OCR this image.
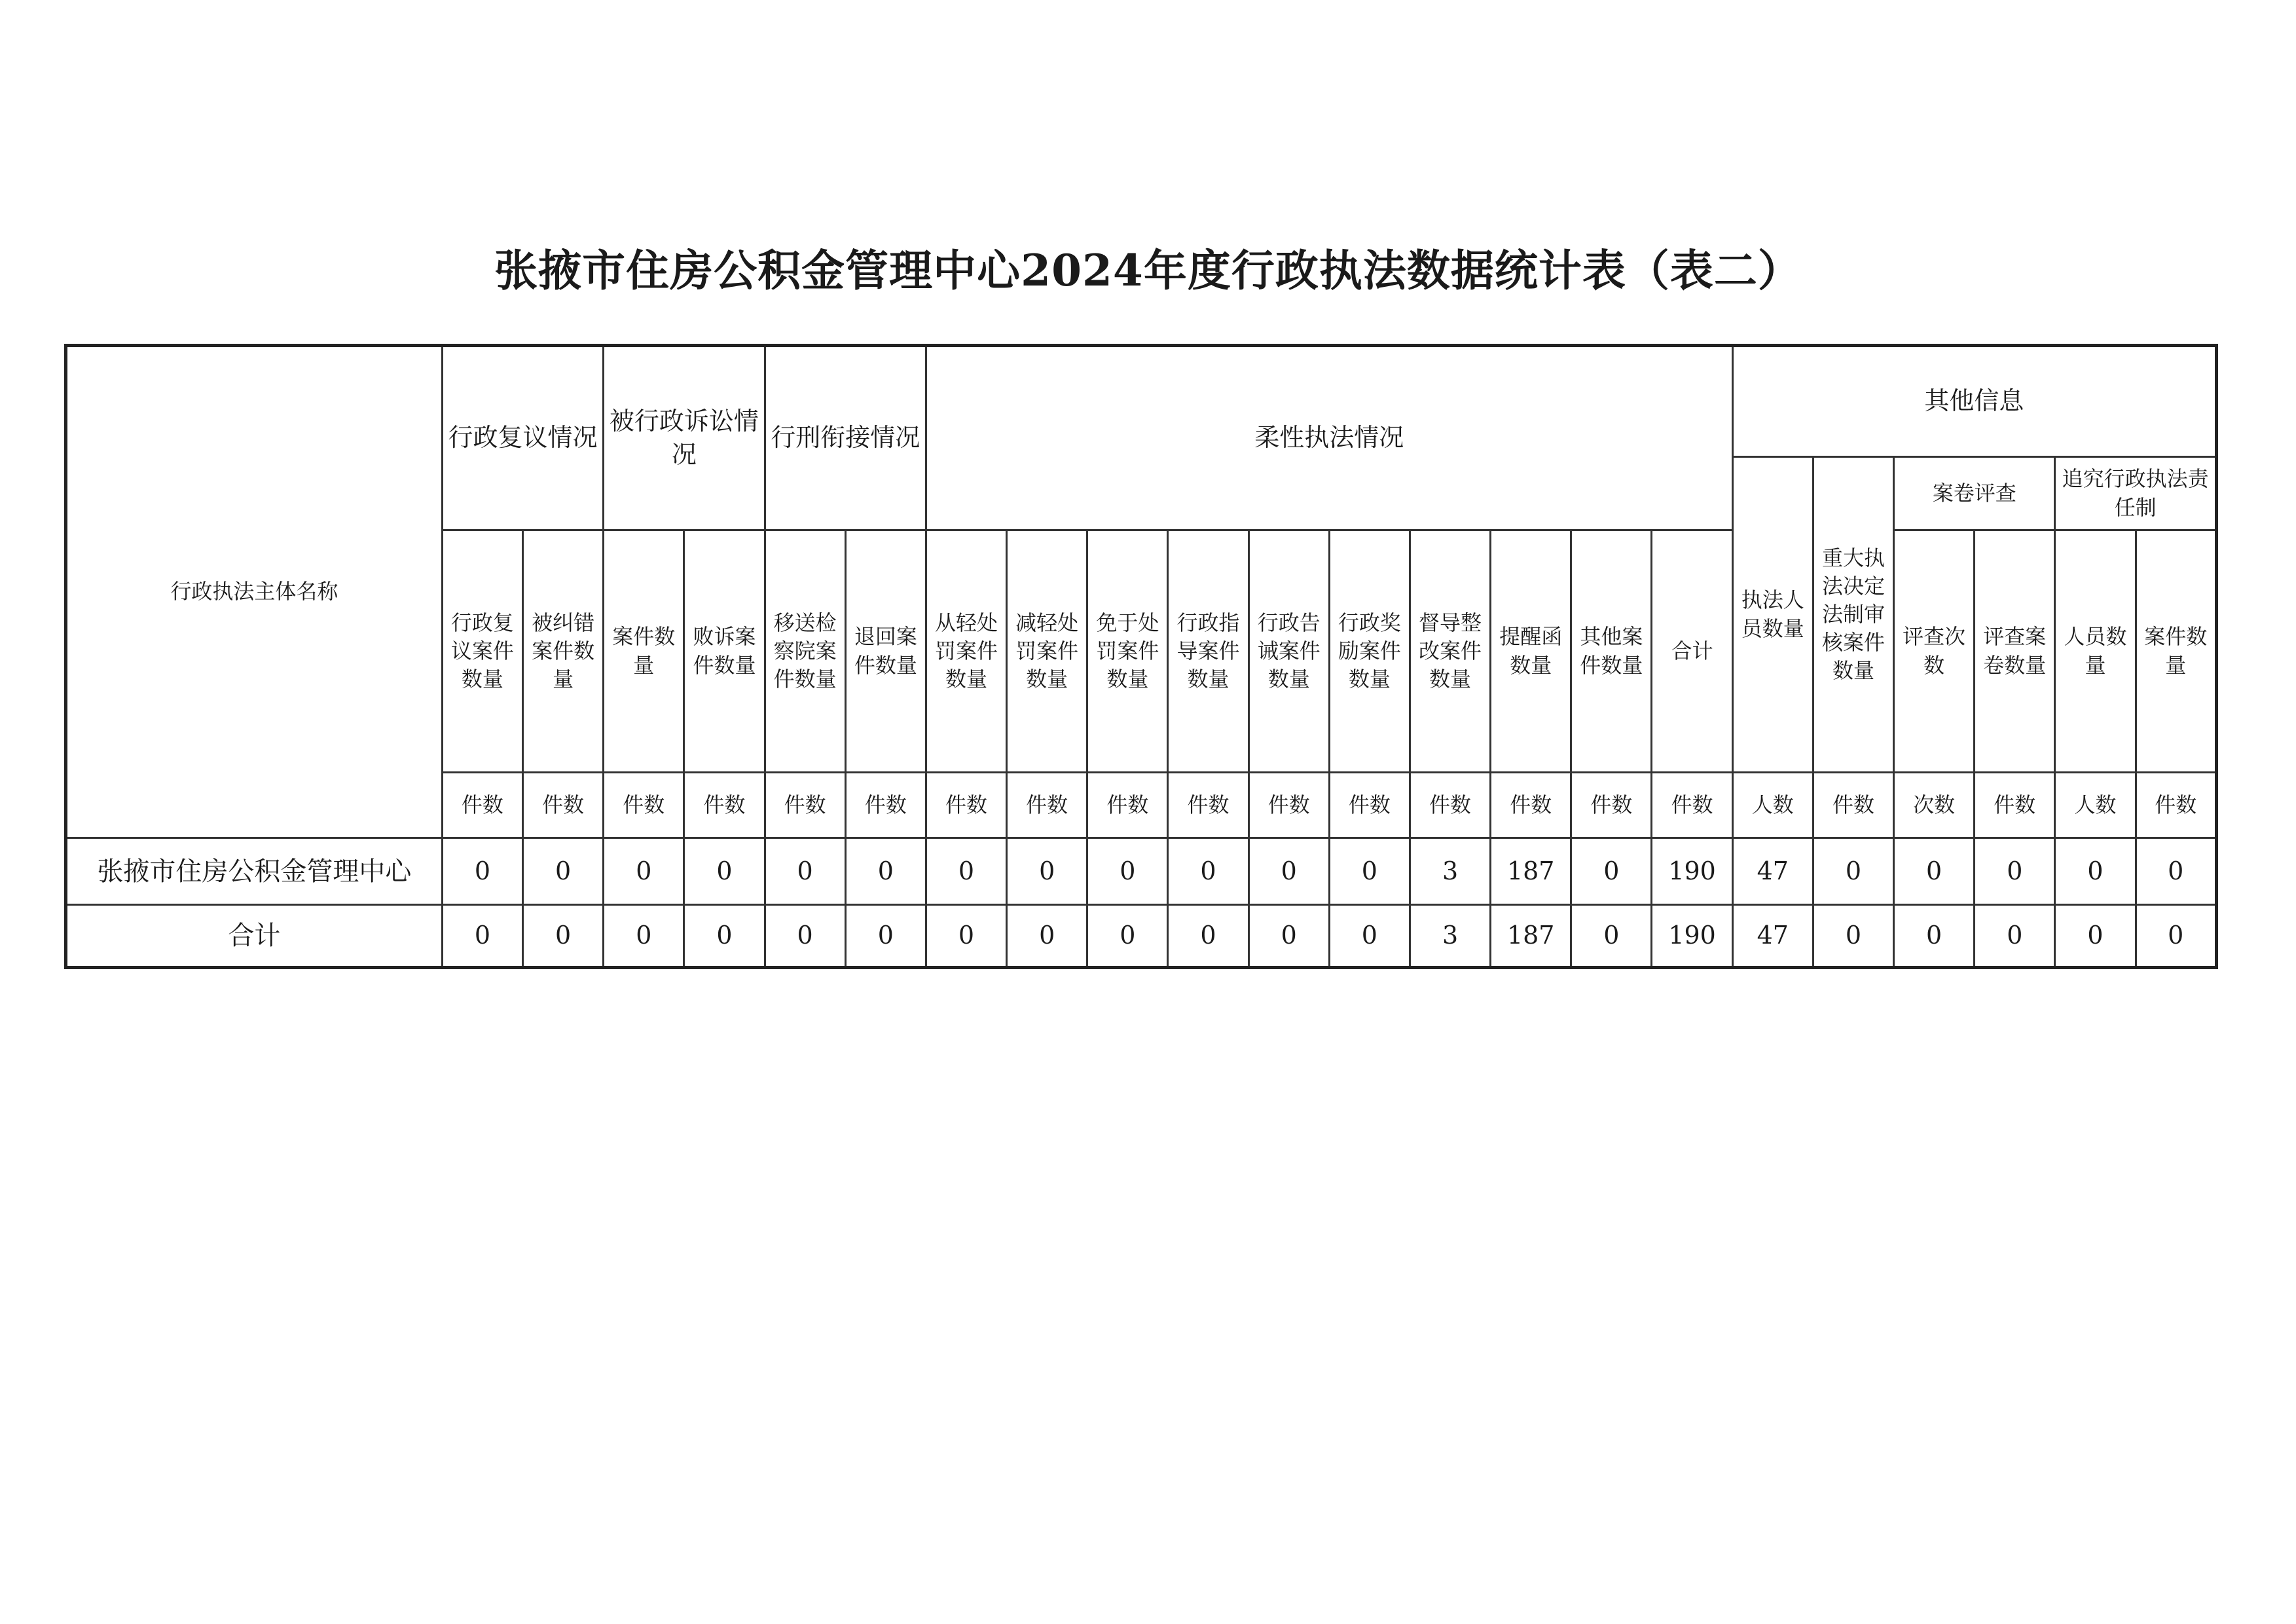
张掖市住房公积金管理中心2024年度行政执法数据统计表（表二）
行政执法主体名称	行政复议情况		被行政诉讼情况		行刑衔接情况		柔性执法情况										其他信息					
																	执法人员数量	重大执法决定法制审核案件数量	案卷评查		追究行政执法责任制	
	行政复议案件数量	被纠错案件数量	案件数量	败诉案件数量	移送检察院案件数量	退回案件数量	从轻处罚案件数量	减轻处罚案件数量	免于处罚案件数量	行政指导案件数量	行政告诫案件数量	行政奖励案件数量	督导整改案件数量	提醒函数量	其他案件数量	合计			评查次数	评查案卷数量	人员数量	案件数量
	件数	件数	件数	件数	件数	件数	件数	件数	件数	件数	件数	件数	件数	件数	件数	件数	人数	件数	次数	件数	人数	件数
张掖市住房公积金管理中心	0	0	0	0	0	0	0	0	0	0	0	0	3	187	0	190	47	0	0	0	0	0
合计	0	0	0	0	0	0	0	0	0	0	0	0	3	187	0	190	47	0	0	0	0	0
